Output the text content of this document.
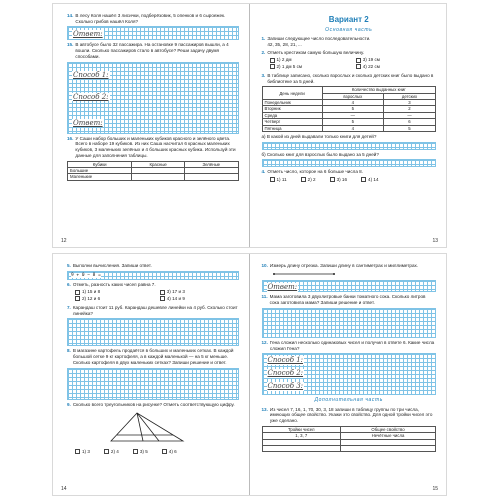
14. В лесу Коля нашёл 3 лисички, подберёзовик, 5 опенков и 6 сыроежек. Сколько грибов нашёл Коля?
Ответ:
15. В автобусе было 32 пассажира. На остановке 9 пассажиров вышли, а 4 вошли. Сколько пассажиров стало в автобусе? Реши задачу двумя способами.
Способ 1:
Способ 2:
Ответ:
16. У Саши набор больших и маленьких кубиков красного и зелёного цвета. Всего в наборе 19 кубиков. Из них Саша насчитал 6 красных маленьких кубиков, 3 маленьких зелёных и 4 больших красных кубика. Используй эти данные для заполнения таблицы.
Кубики	Красные	Зелёные
Большие		
Маленькие		
12
Вариант 2
Основная часть
1. Запиши следующее число последовательности.
42, 35, 28, 21, ...
2. Отметь крестиком самую большую величину.
1) 2 дм	3) 19 см
2) 1 дм 5 см	4) 22 см
3. В таблице записано, сколько взрослых и сколько детских книг было выдано в библиотеке за 5 дней.
День недели	Количество выданных книг	
	взрослых	детских
Понедельник	4	3
Вторник	5	2
Среда	—	—
Четверг	5	6
Пятница	4	5
а) В какой из дней выдавали только книги для детей?
б) Сколько книг для взрослых было выдано за 5 дней?
4. Отметь число, которое на 6 больше числа 8.
1) 11	2) 2	3) 16	4) 14
13
5. Выполни вычисления. Запиши ответ.
9 + 0 − 8 =
6. Отметь, разность каких чисел равна 7.
1) 15 и 8	3) 17 и 3
2) 12 и 6	4) 14 и 9
7. Карандаш стоит 11 руб. Карандаш дешевле линейки на 4 руб. Сколько стоит линейка?
8. В магазине картофель продаётся в больших и маленьких сетках. В каждой большой сетке 9 кг картофеля, а в каждой маленькой — на 5 кг меньше. Сколько картофеля в двух маленьких сетках? Запиши решение и ответ.
9. Сколько всего треугольников на рисунке? Отметь соответствующую цифру.
1) 3	2) 4	3) 5	4) 6
14
10. Измерь длину отрезка. Запиши длину в сантиметрах и миллиметрах.
Ответ:
11. Мама заготовила 3 двухлитровые банки томатного сока. Сколько литров сока заготовила мама? Запиши решение и ответ.
12. Гена сложил несколько одинаковых чисел и получил в ответе 6. Какие числа сложил Гена?
Способ 1:
Способ 2:
Способ 3:
Дополнительная часть
13. Из чисел 7, 16, 1, 70, 30, 3, 18 запиши в таблицу группы по три числа, имеющих общее свойство. Укажи это свойство. Для одной тройки чисел это уже сделано.
Тройки чисел	Общее свойство
1, 3, 7	Нечётные числа

15
